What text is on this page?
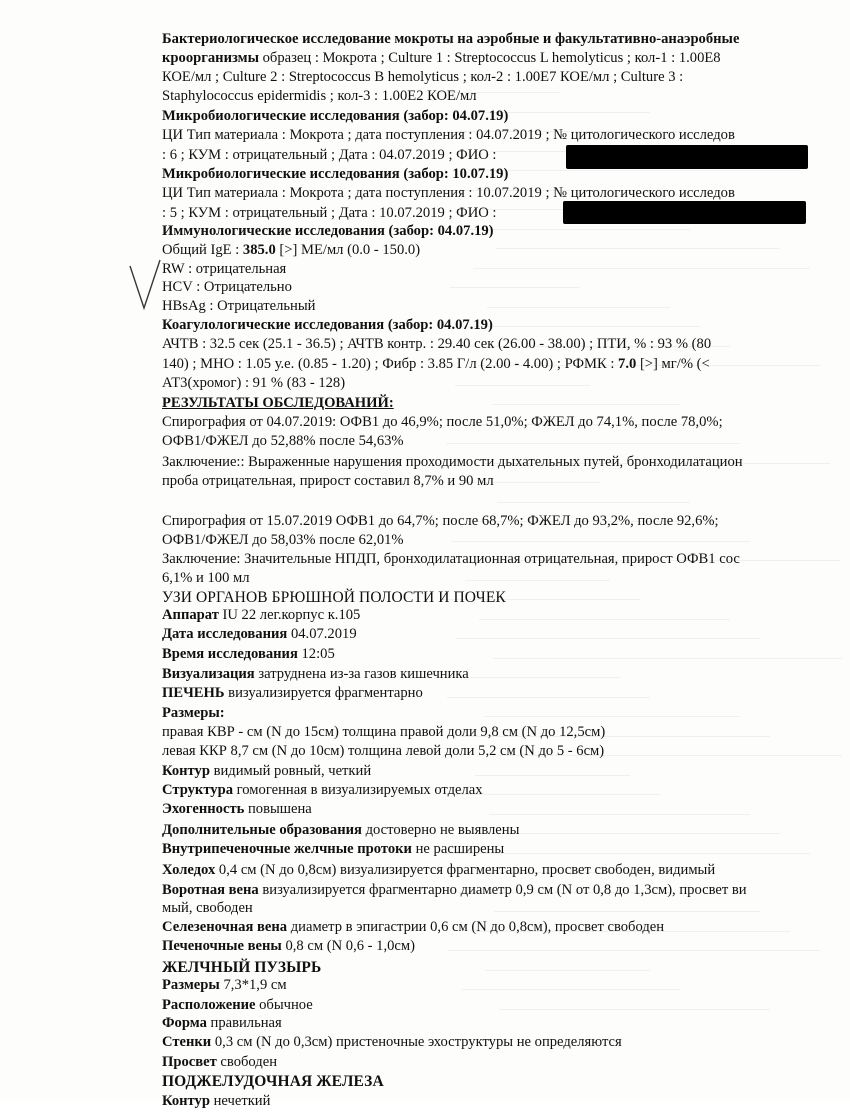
Бактериологическое исследование мокроты на аэробные и факультативно-анаэробные
кроорганизмы образец : Мокрота ; Culture 1 : Streptococcus L hemolyticus ; кол-1 : 1.00E8
КОЕ/мл ; Culture 2 : Streptococcus B hemolyticus ; кол-2 : 1.00E7 КОЕ/мл ; Culture 3 :
Staphylococcus epidermidis ; кол-3 : 1.00E2 КОЕ/мл
Микробиологические исследования (забор: 04.07.19)
ЦИ Тип материала : Мокрота ; дата поступления : 04.07.2019 ; № цитологического исследов
: 6 ; КУМ : отрицательный ; Дата : 04.07.2019 ; ФИО :
Микробиологические исследования (забор: 10.07.19)
ЦИ Тип материала : Мокрота ; дата поступления : 10.07.2019 ; № цитологического исследов
: 5 ; КУМ : отрицательный ; Дата : 10.07.2019 ; ФИО :
Иммунологические исследования (забор: 04.07.19)
Общий IgE : 385.0 [>] МЕ/мл (0.0 - 150.0)
RW : отрицательная
HCV : Отрицательно
HBsAg : Отрицательный
Коагулологические исследования (забор: 04.07.19)
АЧТВ : 32.5 сек (25.1 - 36.5) ; АЧТВ контр. : 29.40 сек (26.00 - 38.00) ; ПТИ, % : 93 % (80
140) ; МНО : 1.05 у.е. (0.85 - 1.20) ; Фибр : 3.85 Г/л (2.00 - 4.00) ; РФМК : 7.0 [>] мг/% (<
АТ3(хромог) : 91 % (83 - 128)
РЕЗУЛЬТАТЫ ОБСЛЕДОВАНИЙ:
Спирография от 04.07.2019: ОФВ1 до 46,9%; после 51,0%; ФЖЕЛ до 74,1%, после 78,0%;
ОФВ1/ФЖЕЛ до 52,88% после 54,63%
Заключение:: Выраженные нарушения проходимости дыхательных путей, бронходилатацион
проба отрицательная, прирост составил 8,7% и 90 мл
Спирография от 15.07.2019 ОФВ1 до 64,7%; после 68,7%; ФЖЕЛ до 93,2%, после 92,6%;
ОФВ1/ФЖЕЛ до 58,03% после 62,01%
Заключение: Значительные НПДП, бронходилатационная отрицательная, прирост ОФВ1 сос
6,1% и 100 мл
УЗИ ОРГАНОВ БРЮШНОЙ ПОЛОСТИ И ПОЧЕК
Аппарат IU 22 лег.корпус к.105
Дата исследования 04.07.2019
Время исследования 12:05
Визуализация затруднена из-за газов кишечника
ПЕЧЕНЬ визуализируется фрагментарно
Размеры:
правая КВР - см (N до 15см) толщина правой доли 9,8 см (N до 12,5см)
левая ККР 8,7 см (N до 10см) толщина левой доли 5,2 см (N до 5 - 6см)
Контур видимый ровный, четкий
Структура гомогенная в визуализируемых отделах
Эхогенность повышена
Дополнительные образования достоверно не выявлены
Внутрипеченочные желчные протоки не расширены
Холедох 0,4 см (N до 0,8см) визуализируется фрагментарно, просвет свободен, видимый
Воротная вена визуализируется фрагментарно диаметр 0,9 см (N от 0,8 до 1,3см), просвет ви
мый, свободен
Селезеночная вена диаметр в эпигастрии 0,6 см (N до 0,8см), просвет свободен
Печеночные вены 0,8 см (N 0,6 - 1,0см)
ЖЕЛЧНЫЙ ПУЗЫРЬ
Размеры 7,3*1,9 см
Расположение обычное
Форма правильная
Стенки 0,3 см (N до 0,3см) пристеночные эхоструктуры не определяются
Просвет свободен
ПОДЖЕЛУДОЧНАЯ ЖЕЛЕЗА
Контур нечеткий
